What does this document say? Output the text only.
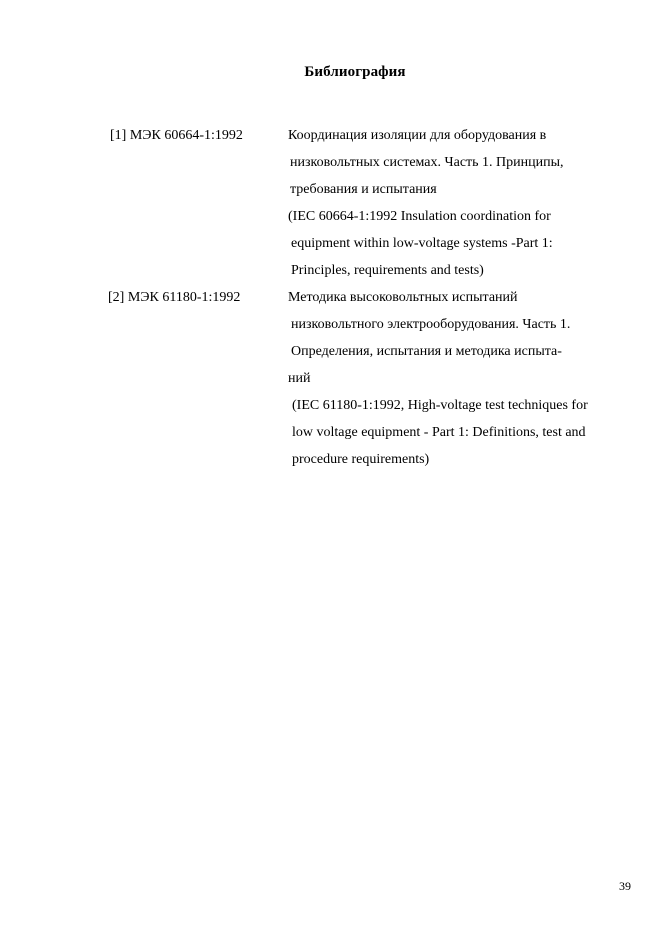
Библиография
[1] МЭК 60664-1:1992	Координация изоляции для оборудования в
низковольтных системах. Часть 1. Принципы,
требования и испытания
(IEC 60664-1:1992 Insulation coordination for
equipment within low-voltage systems -Part 1:
Principles, requirements and tests)
[2] МЭК 61180-1:1992	Методика высоковольтных испытаний
низковольтного электрооборудования. Часть 1.
Определения, испытания и методика испыта-
ний
(IEC 61180-1:1992, High-voltage test techniques for
low voltage equipment - Part 1: Definitions, test and
procedure requirements)
39
